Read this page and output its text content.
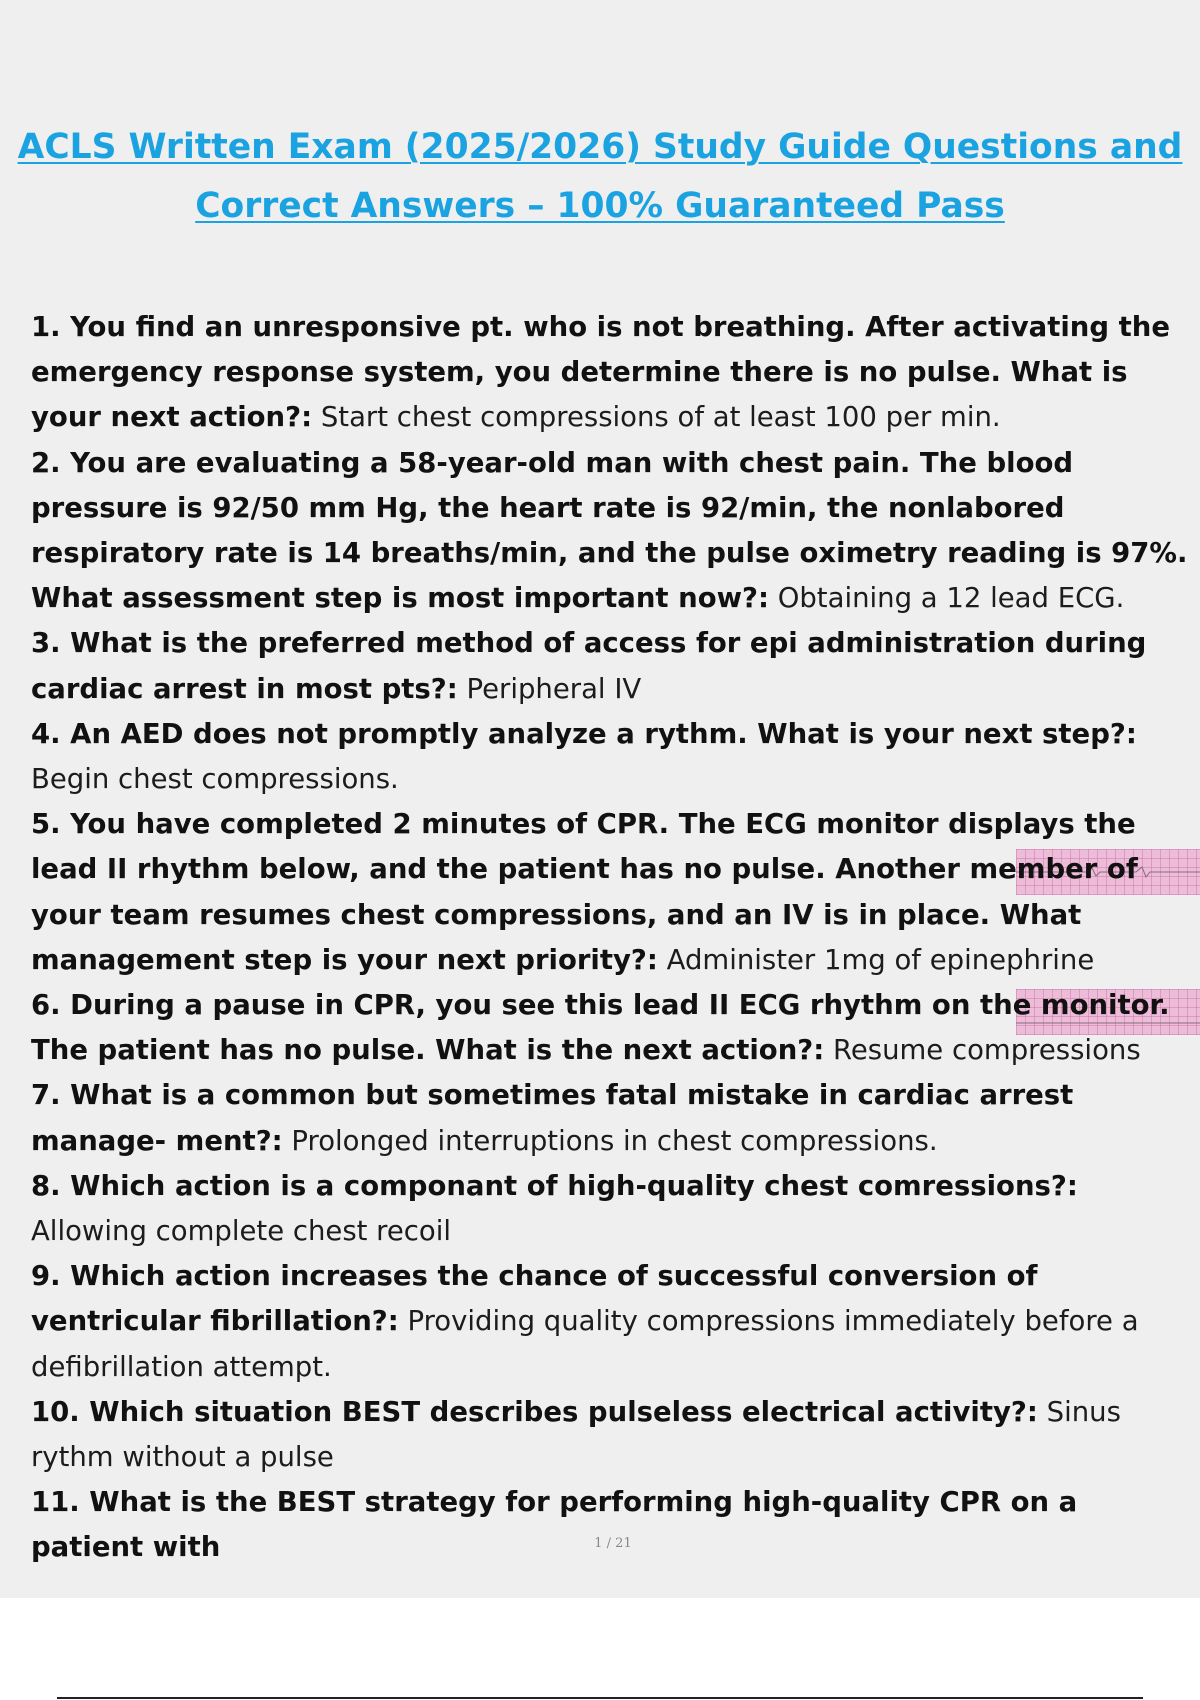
ACLS Written Exam (2025/2026) Study Guide Questions and
Correct Answers – 100% Guaranteed Pass

1. You find an unresponsive pt. who is not breathing. After activating the emergency response system, you determine there is no pulse. What is your next action?: Start chest compressions of at least 100 per min.

2. You are evaluating a 58-year-old man with chest pain. The blood pressure is 92/50 mm Hg, the heart rate is 92/min, the nonlabored respiratory rate is 14 breaths/min, and the pulse oximetry reading is 97%. What assessment step is most important now?: Obtaining a 12 lead ECG.

3. What is the preferred method of access for epi administration during cardiac arrest in most pts?: Peripheral IV

4. An AED does not promptly analyze a rythm. What is your next step?: Begin chest compressions.

5. You have completed 2 minutes of CPR. The ECG monitor displays the lead II rhythm below, and the patient has no pulse. Another member of your team resumes chest compressions, and an IV is in place. What management step is your next priority?: Administer 1mg of epinephrine

6. During a pause in CPR, you see this lead II ECG rhythm on the monitor. The patient has no pulse. What is the next action?: Resume compressions

7. What is a common but sometimes fatal mistake in cardiac arrest manage- ment?: Prolonged interruptions in chest compressions.

8. Which action is a componant of high-quality chest comressions?: Allowing complete chest recoil

9. Which action increases the chance of successful conversion of ventricular fibrillation?: Providing quality compressions immediately before a defibrillation attempt.

10. Which situation BEST describes pulseless electrical activity?: Sinus rythm without a pulse

11. What is the BEST strategy for performing high-quality CPR on a patient with	1 / 21
